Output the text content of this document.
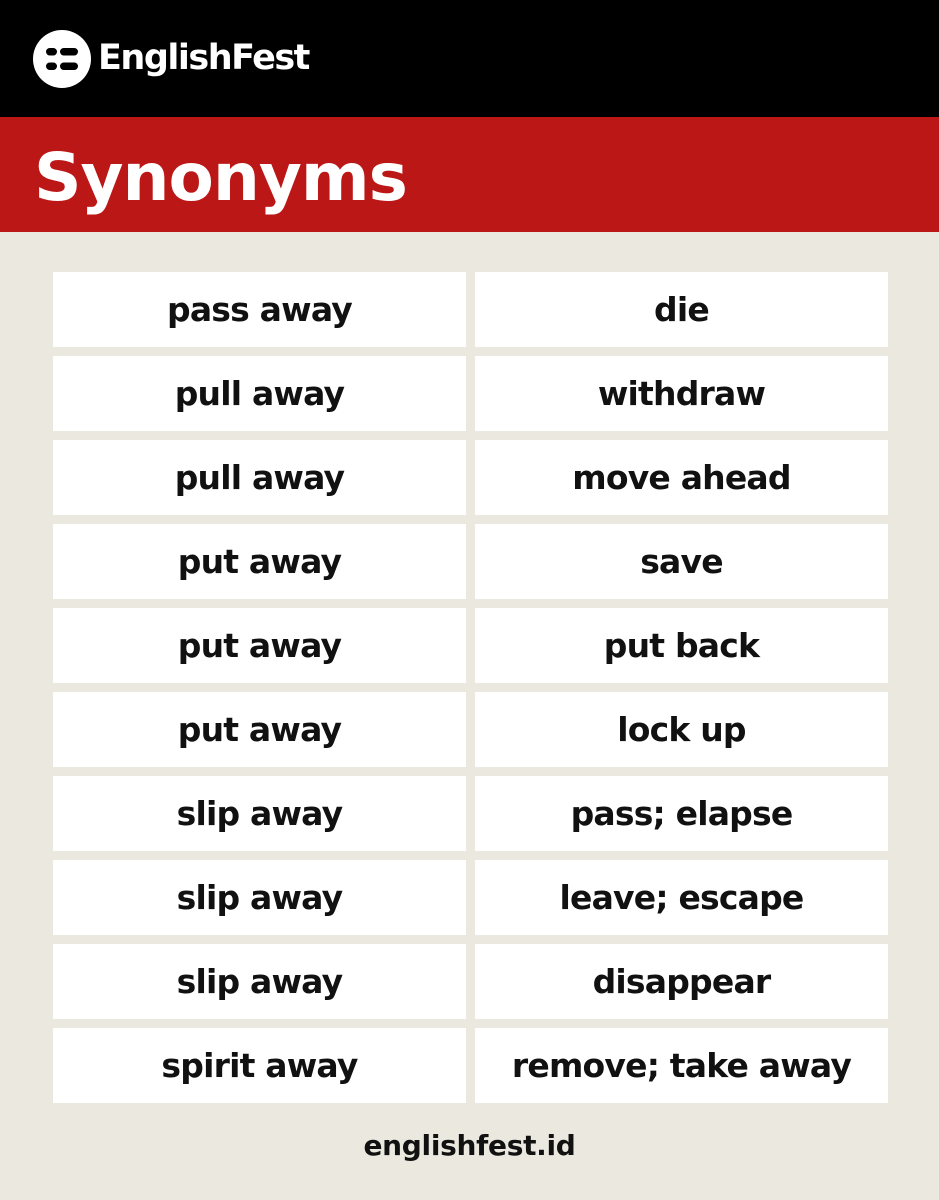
EnglishFest
Synonyms
pass away	die
pull away	withdraw
pull away	move ahead
put away	save
put away	put back
put away	lock up
slip away	pass; elapse
slip away	leave; escape
slip away	disappear
spirit away	remove; take away
englishfest.id
